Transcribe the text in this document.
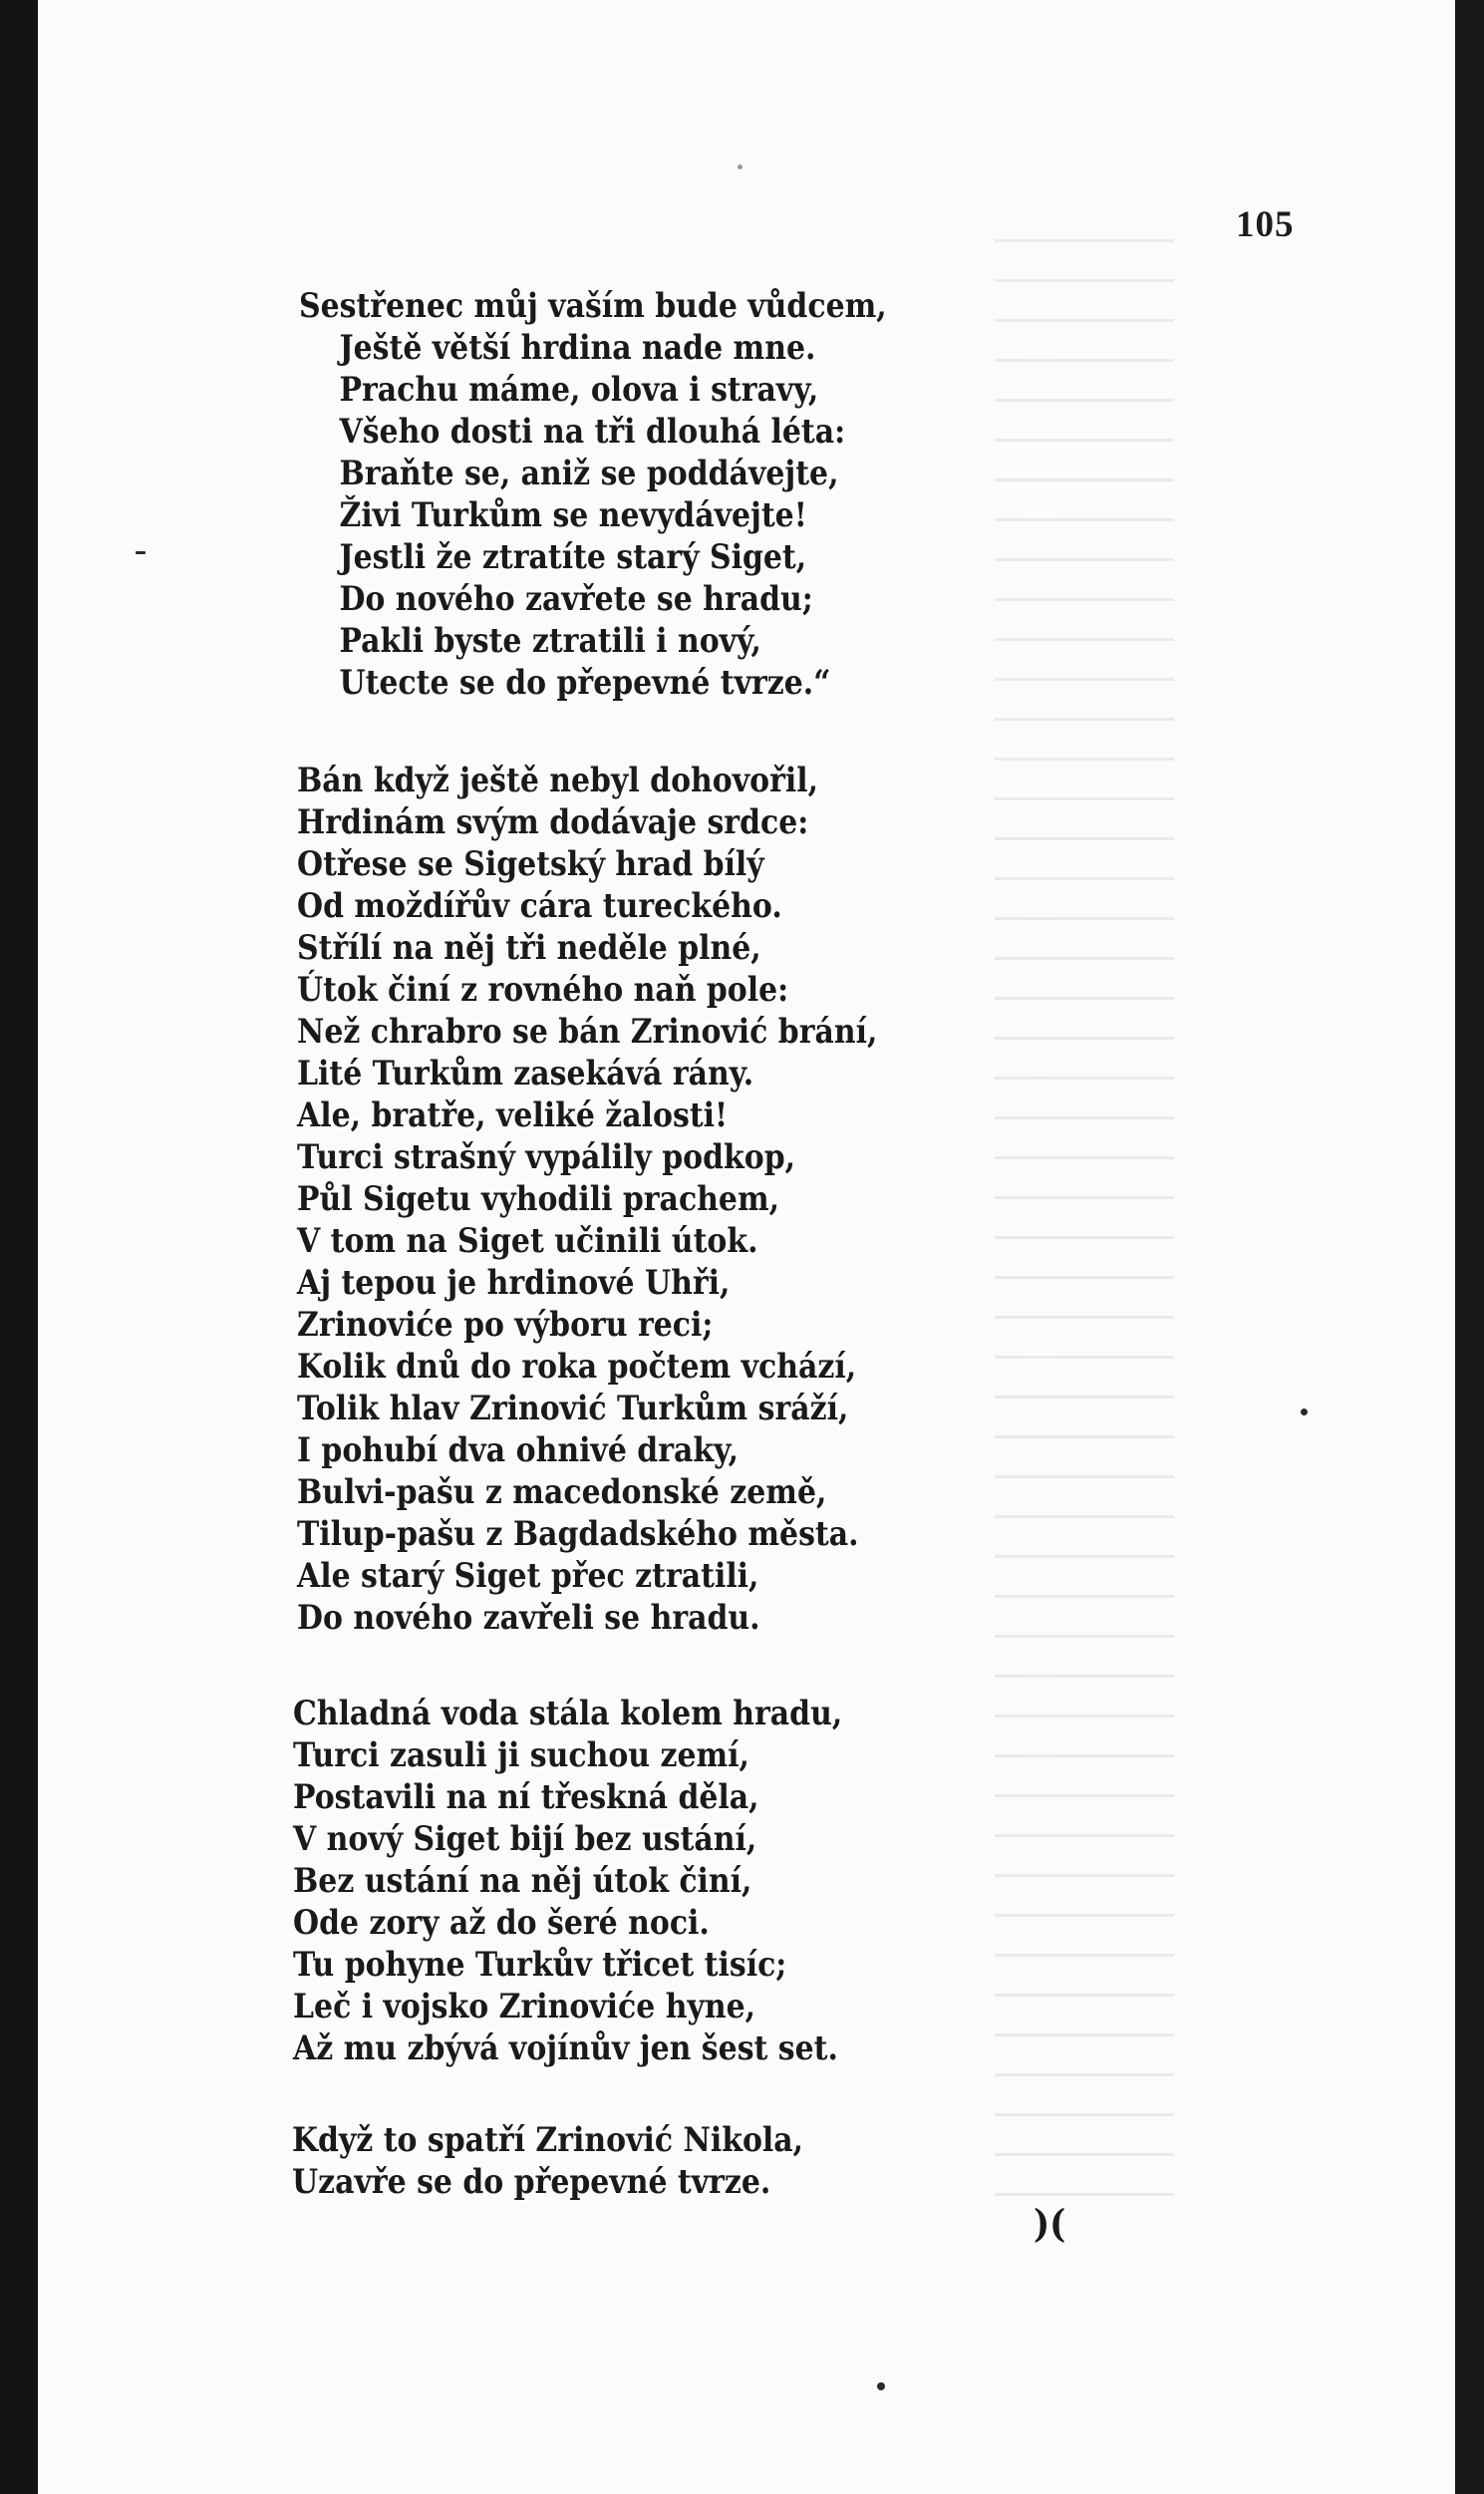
105
Sestřenec můj vaším bude vůdcem,
Ještě větší hrdina nade mne.
Prachu máme, olova i stravy,
Všeho dosti na tři dlouhá léta:
Braňte se, aniž se poddávejte,
Živi Turkům se nevydávejte!
Jestli že ztratíte starý Siget,
Do nového zavřete se hradu;
Pakli byste ztratili i nový,
Utecte se do přepevné tvrze.“
Bán když ještě nebyl dohovořil,
Hrdinám svým dodávaje srdce:
Otřese se Sigetský hrad bílý
Od moždířův cára tureckého.
Střílí na něj tři neděle plné,
Útok činí z rovného naň pole:
Než chrabro se bán Zrinović brání,
Lité Turkům zasekává rány.
Ale, bratře, veliké žalosti!
Turci strašný vypálily podkop,
Půl Sigetu vyhodili prachem,
V tom na Siget učinili útok.
Aj tepou je hrdinové Uhři,
Zrinoviće po výboru reci;
Kolik dnů do roka počtem vchází,
Tolik hlav Zrinović Turkům sráží,
I pohubí dva ohnivé draky,
Bulvi-pašu z macedonské země,
Tilup-pašu z Bagdadského města.
Ale starý Siget přec ztratili,
Do nového zavřeli se hradu.
Chladná voda stála kolem hradu,
Turci zasuli ji suchou zemí,
Postavili na ní třeskná děla,
V nový Siget bijí bez ustání,
Bez ustání na něj útok činí,
Ode zory až do šeré noci.
Tu pohyne Turkův třicet tisíc;
Leč i vojsko Zrinoviće hyne,
Až mu zbývá vojínův jen šest set.
Když to spatří Zrinović Nikola,
Uzavře se do přepevné tvrze.
)(
